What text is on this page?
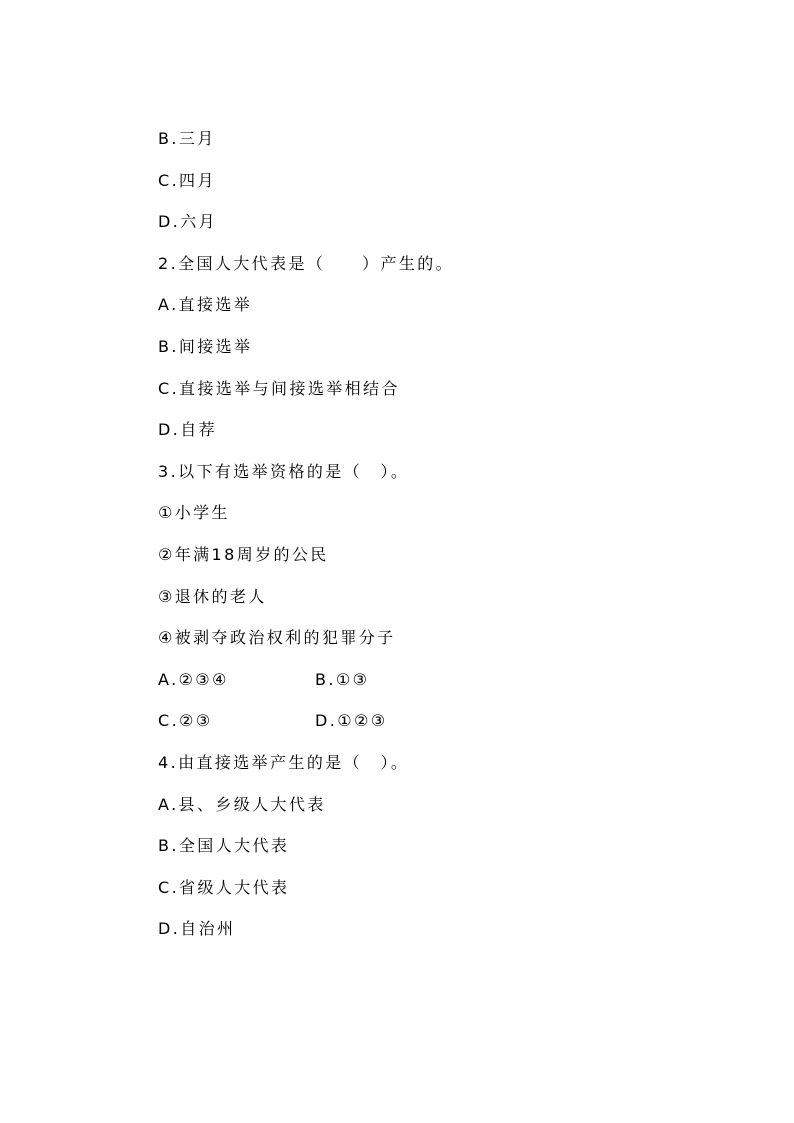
B.三月
C.四月
D.六月
2.全国人大代表是（　　）产生的。
A.直接选举
B.间接选举
C.直接选举与间接选举相结合
D.自荐
3.以下有选举资格的是（　）。
①小学生
②年满18周岁的公民
③退休的老人
④被剥夺政治权利的犯罪分子
A.②③④	B.①③
C.②③	D.①②③
4.由直接选举产生的是（　）。
A.县、乡级人大代表
B.全国人大代表
C.省级人大代表
D.自治州
